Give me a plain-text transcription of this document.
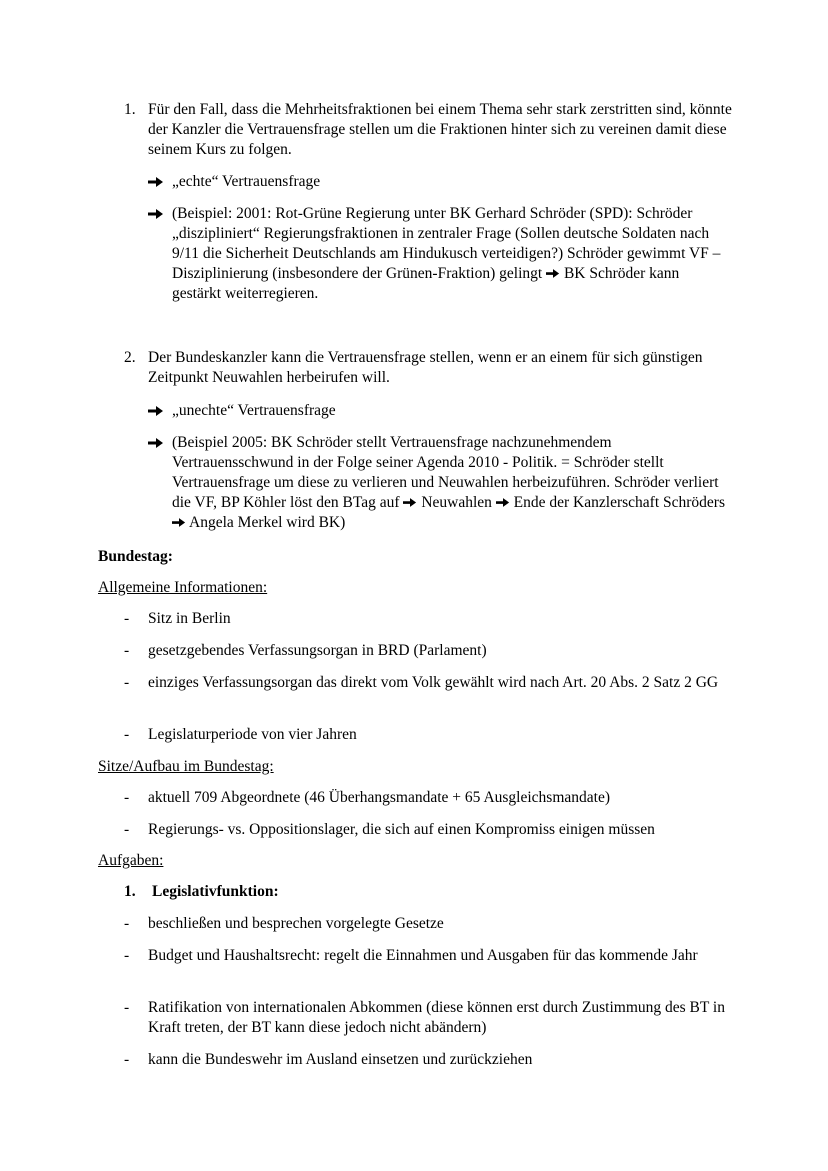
1. Für den Fall, dass die Mehrheitsfraktionen bei einem Thema sehr stark zerstritten sind, könnte der Kanzler die Vertrauensfrage stellen um die Fraktionen hinter sich zu vereinen damit diese seinem Kurs zu folgen.
„echte“ Vertrauensfrage
(Beispiel: 2001: Rot-Grüne Regierung unter BK Gerhard Schröder (SPD): Schröder „diszipliniert“ Regierungsfraktionen in zentraler Frage (Sollen deutsche Soldaten nach 9/11 die Sicherheit Deutschlands am Hindukusch verteidigen?) Schröder gewimmt VF – Disziplinierung (insbesondere der Grünen-Fraktion) gelingt BK Schröder kann gestärkt weiterregieren.
2. Der Bundeskanzler kann die Vertrauensfrage stellen, wenn er an einem für sich günstigen Zeitpunkt Neuwahlen herbeirufen will.
„unechte“ Vertrauensfrage
(Beispiel 2005: BK Schröder stellt Vertrauensfrage nachzunehmendem Vertrauensschwund in der Folge seiner Agenda 2010 - Politik. = Schröder stellt Vertrauensfrage um diese zu verlieren und Neuwahlen herbeizuführen. Schröder verliert die VF, BP Köhler löst den BTag auf Neuwahlen Ende der Kanzlerschaft Schröders  Angela Merkel wird BK)
Bundestag:
Allgemeine Informationen:
- Sitz in Berlin
- gesetzgebendes Verfassungsorgan in BRD (Parlament)
- einziges Verfassungsorgan das direkt vom Volk gewählt wird nach Art. 20 Abs. 2 Satz 2 GG
- Legislaturperiode von vier Jahren
Sitze/Aufbau im Bundestag:
- aktuell 709 Abgeordnete (46 Überhangsmandate + 65 Ausgleichsmandate)
- Regierungs- vs. Oppositionslager, die sich auf einen Kompromiss einigen müssen
Aufgaben:
1. Legislativfunktion:
- beschließen und besprechen vorgelegte Gesetze
- Budget und Haushaltsrecht: regelt die Einnahmen und Ausgaben für das kommende Jahr
- Ratifikation von internationalen Abkommen (diese können erst durch Zustimmung des BT in Kraft treten, der BT kann diese jedoch nicht abändern)
- kann die Bundeswehr im Ausland einsetzen und zurückziehen
